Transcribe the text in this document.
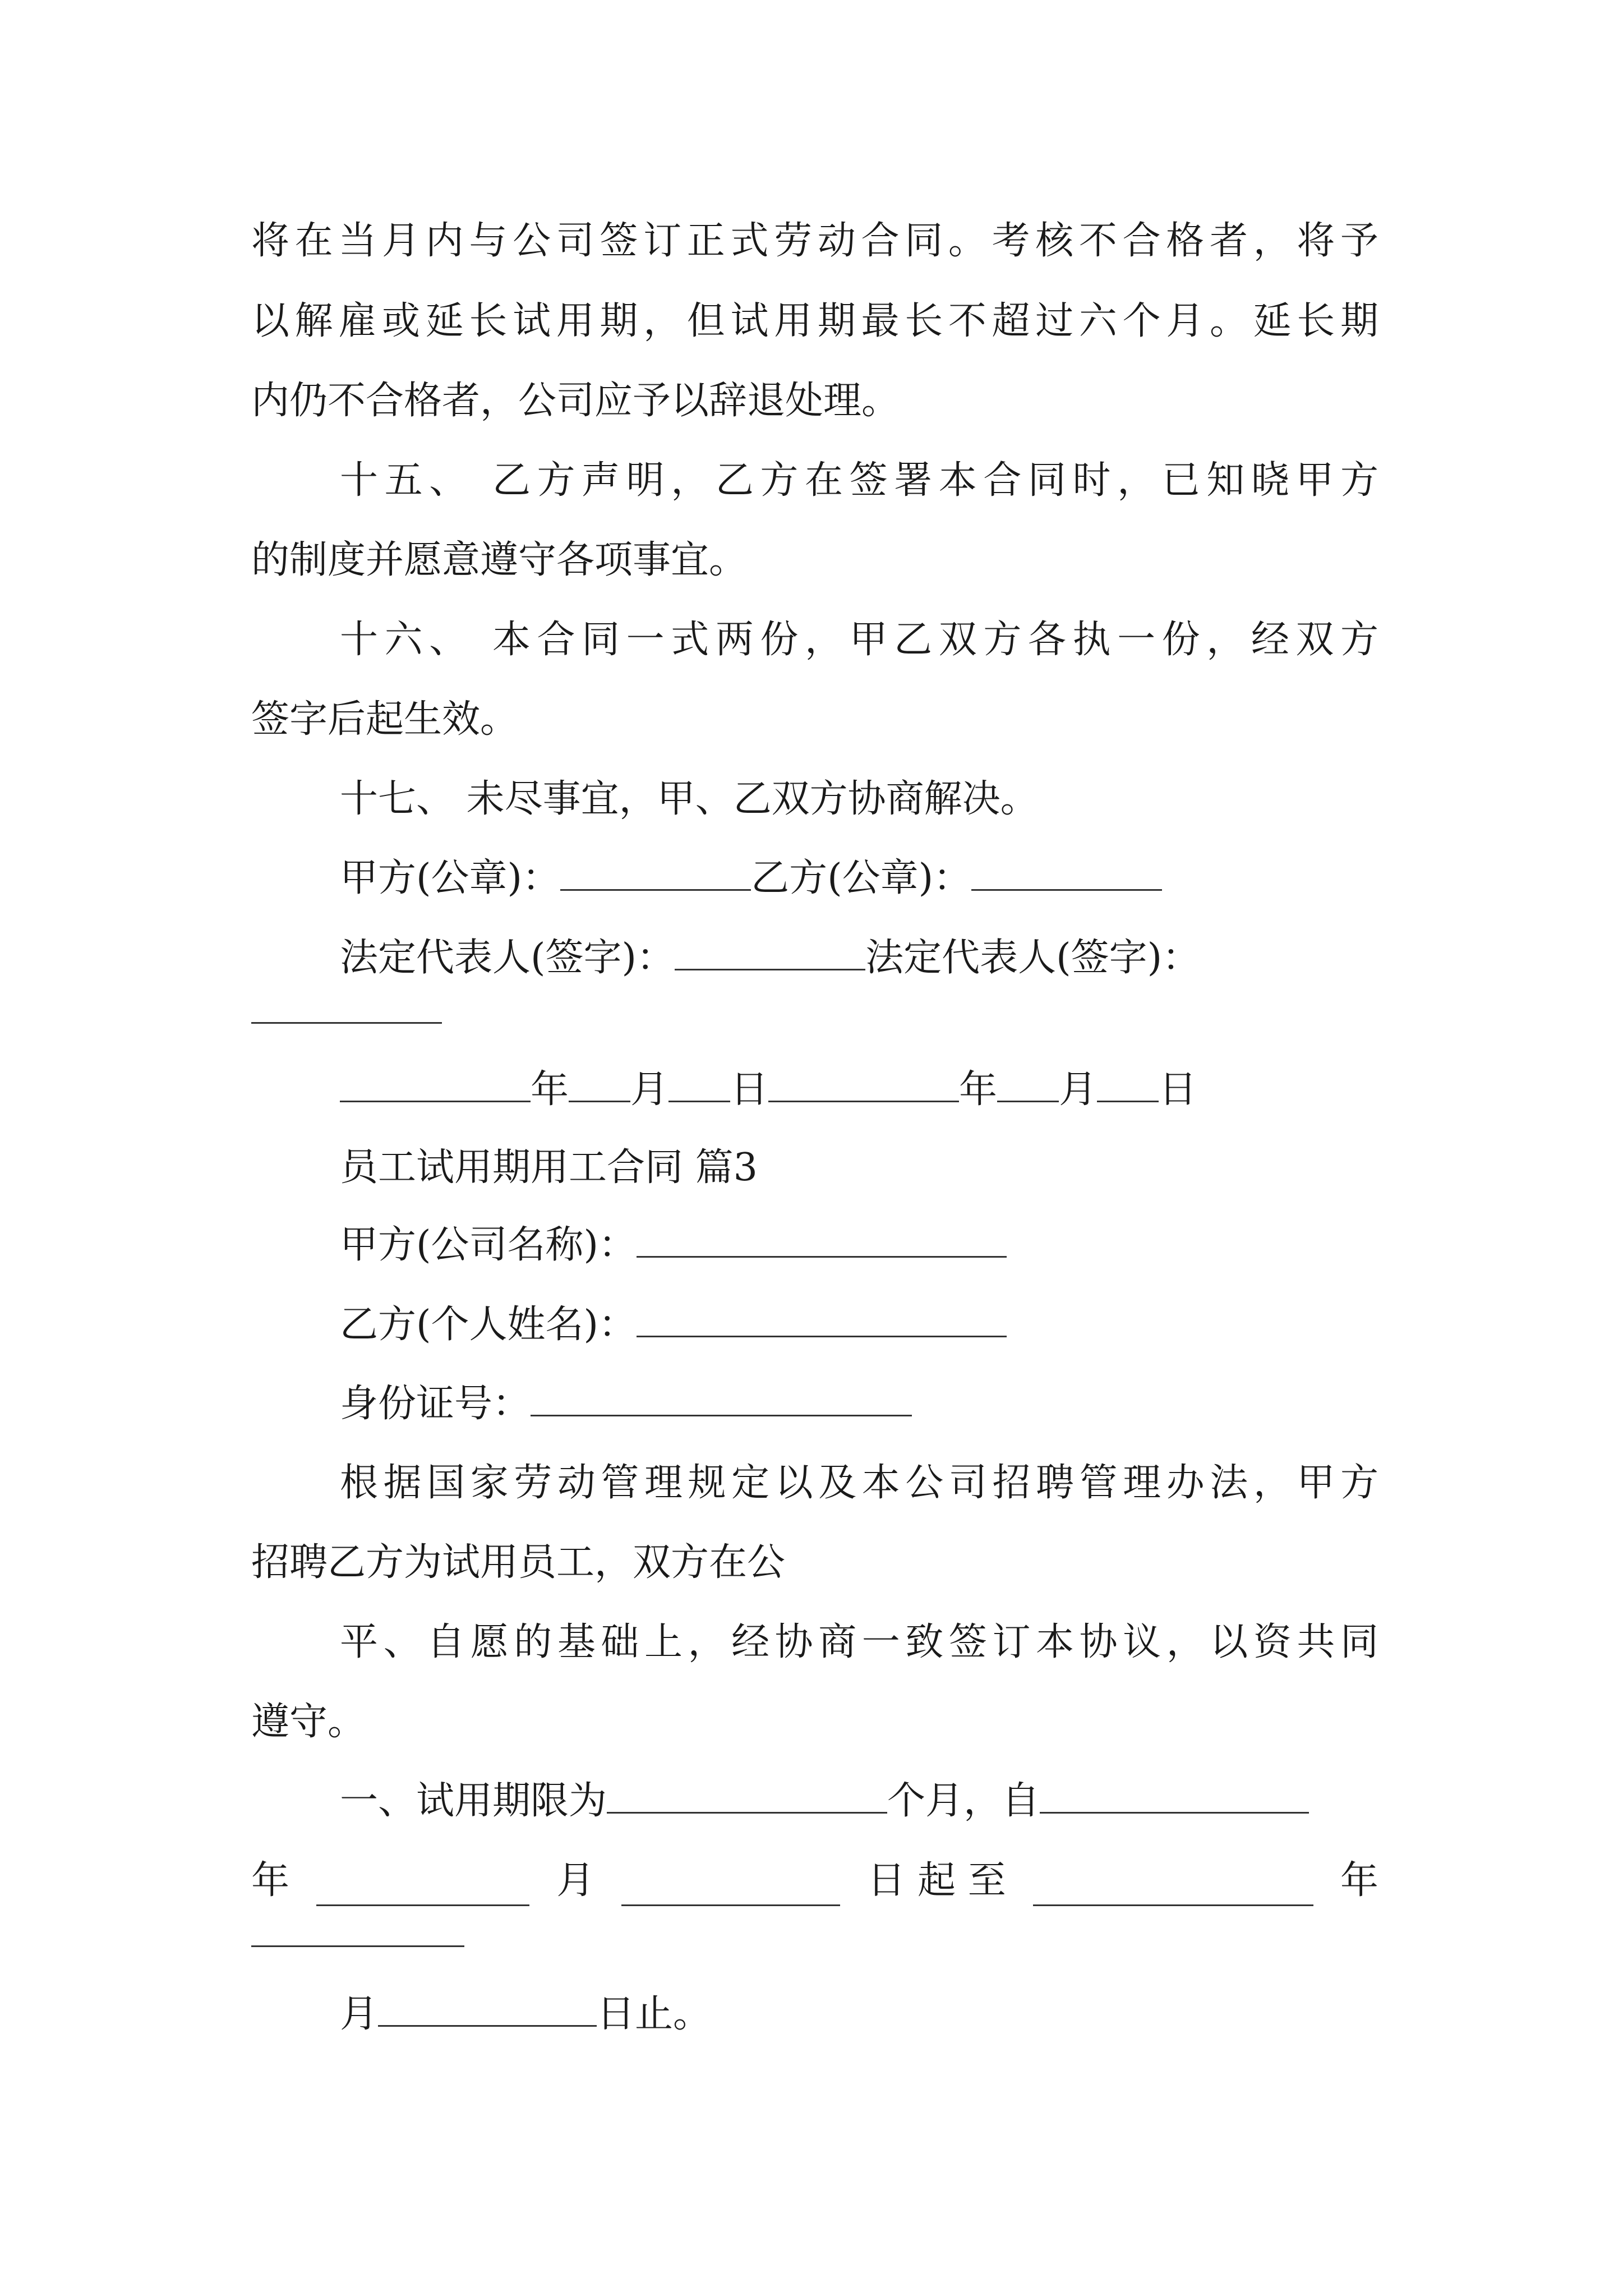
将在当月内与公司签订正式劳动合同。考核不合格者，将予
以解雇或延长试用期，但试用期最长不超过六个月。延长期
内仍不合格者，公司应予以辞退处理。
十五、 乙方声明，乙方在签署本合同时，已知晓甲方
的制度并愿意遵守各项事宜。
十六、 本合同一式两份，甲乙双方各执一份，经双方
签字后起生效。
十七、 未尽事宜，甲、乙双方协商解决。
甲方(公章)：	乙方(公章)：
法定代表人(签字)：	法定代表人(签字)：
年 月 日	年 月 日
员工试用期用工合同 篇3
甲方(公司名称)：
乙方(个人姓名)：
身份证号：
根据国家劳动管理规定以及本公司招聘管理办法，甲方
招聘乙方为试用员工，双方在公
平、自愿的基础上，经协商一致签订本协议，以资共同
遵守。
一、试用期限为	个月，自
年	月	日 起 至	年
月	日止。
